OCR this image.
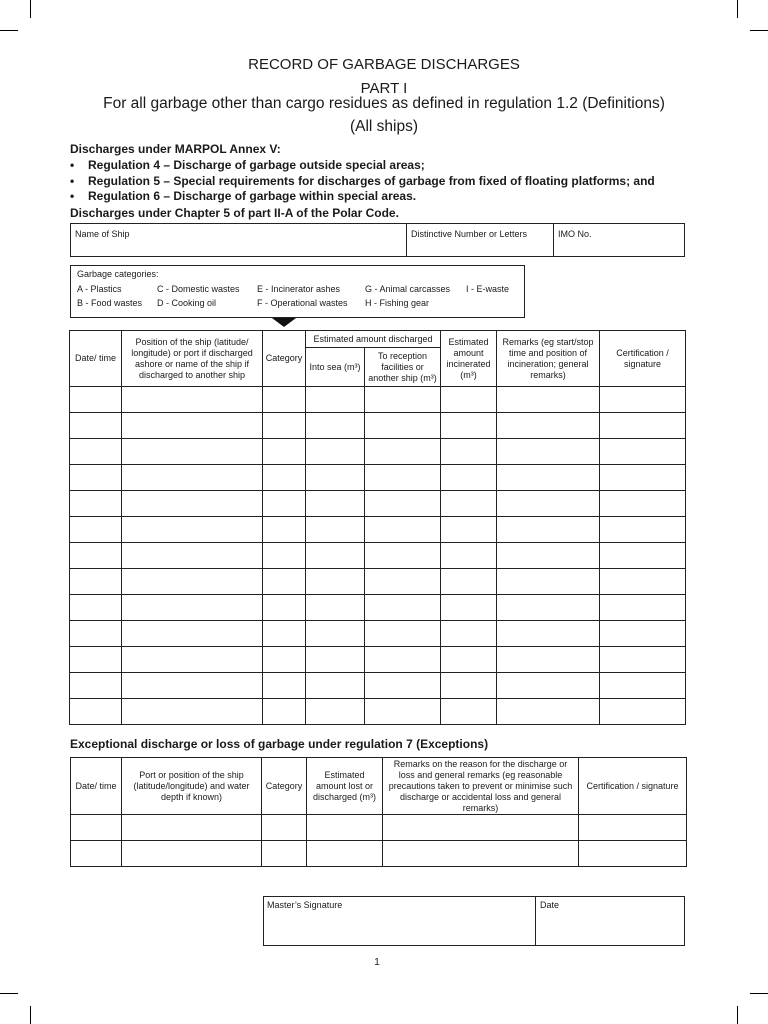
RECORD OF GARBAGE DISCHARGES
PART I
For all garbage other than cargo residues as defined in regulation 1.2 (Definitions)
(All ships)
Discharges under MARPOL Annex V:
• Regulation 4 – Discharge of garbage outside special areas;
• Regulation 5 – Special requirements for discharges of garbage from fixed of floating platforms; and
• Regulation 6 – Discharge of garbage within special areas.
Discharges under Chapter 5 of part II-A of the Polar Code.
Name of Ship	Distinctive Number or Letters	IMO No.
Garbage categories:
A - Plastics	C - Domestic wastes E - Incinerator ashes	G - Animal carcasses I - E-waste
B - Food wastes D - Cooking oil	F - Operational wastes H - Fishing gear
Date/ time	Position of the ship (latitude/ longitude) or port if discharged ashore or name of the ship if discharged to another ship	Category	Estimated amount discharged		Estimated amount incinerated (m³)	Remarks (eg start/stop time and position of incineration; general remarks)	Certification / signature
			Into sea (m³)	To reception facilities or another ship (m³)			

Exceptional discharge or loss of garbage under regulation 7 (Exceptions)
Date/ time	Port or position of the ship (latitude/longitude) and water depth if known)	Category	Estimated amount lost or discharged (m³)	Remarks on the reason for the discharge or loss and general remarks (eg reasonable precautions taken to prevent or minimise such discharge or accidental loss and general remarks)	Certification / signature

Master’s Signature	Date
1
